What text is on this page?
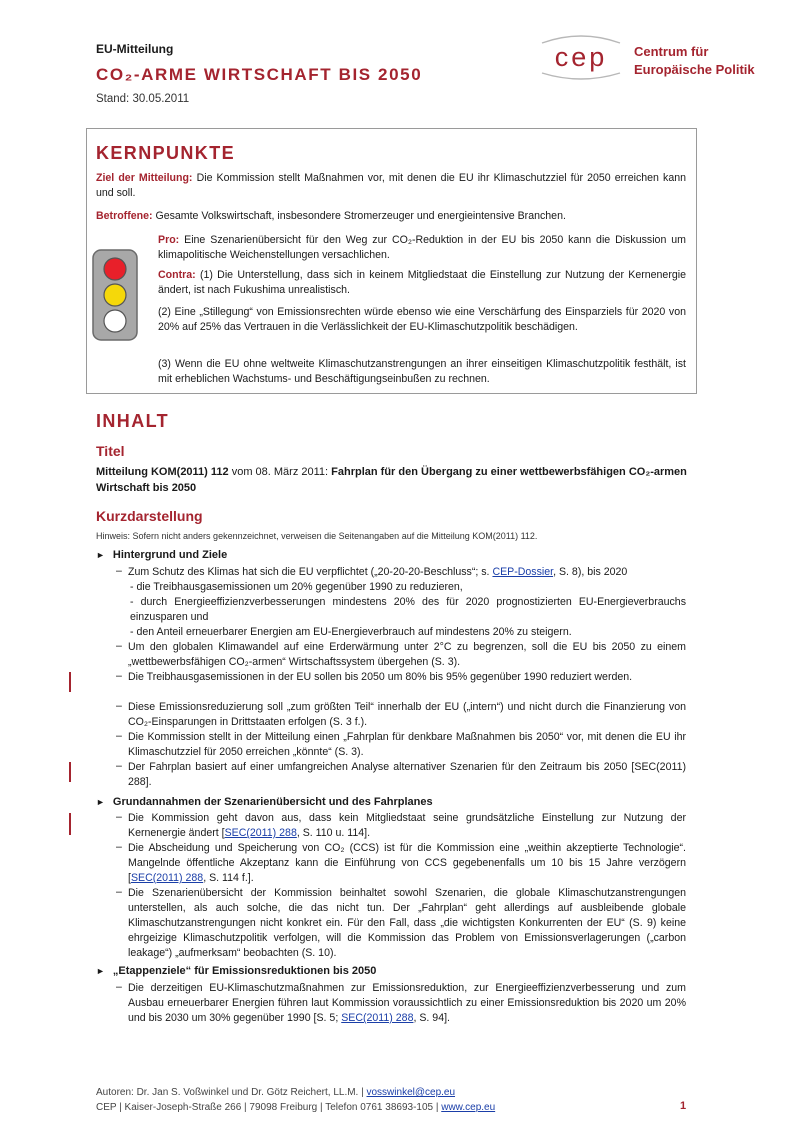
EU-Mitteilung
CO₂-ARME WIRTSCHAFT BIS 2050
Stand: 30.05.2011
cep Centrum für
Europäische Politik
KERNPUNKTE
Ziel der Mitteilung: Die Kommission stellt Maßnahmen vor, mit denen die EU ihr Klimaschutzziel für 2050 erreichen kann und soll.
Betroffene: Gesamte Volkswirtschaft, insbesondere Stromerzeuger und energieintensive Branchen.
Pro: Eine Szenarienübersicht für den Weg zur CO₂-Reduktion in der EU bis 2050 kann die Diskussion um klimapolitische Weichenstellungen versachlichen.
Contra: (1) Die Unterstellung, dass sich in keinem Mitgliedstaat die Einstellung zur Nutzung der Kernenergie ändert, ist nach Fukushima unrealistisch.
(2) Eine „Stillegung“ von Emissionsrechten würde ebenso wie eine Verschärfung des Einsparziels für 2020 von 20% auf 25% das Vertrauen in die Verlässlichkeit der EU-Klimaschutzpolitik beschädigen.
(3) Wenn die EU ohne weltweite Klimaschutzanstrengungen an ihrer einseitigen Klimaschutzpolitik festhält, ist mit erheblichen Wachstums- und Beschäftigungseinbußen zu rechnen.
INHALT
Titel
Mitteilung KOM(2011) 112 vom 08. März 2011: Fahrplan für den Übergang zu einer wettbewerbsfähigen CO₂-armen Wirtschaft bis 2050
Kurzdarstellung
Hinweis: Sofern nicht anders gekennzeichnet, verweisen die Seitenangaben auf die Mitteilung KOM(2011) 112.
► Hintergrund und Ziele
– Zum Schutz des Klimas hat sich die EU verpflichtet („20-20-20-Beschluss“; s. CEP-Dossier, S. 8), bis 2020
- die Treibhausgasemissionen um 20% gegenüber 1990 zu reduzieren,
- durch Energieeffizienzverbesserungen mindestens 20% des für 2020 prognostizierten EU-Energieverbrauchs einzusparen und
- den Anteil erneuerbarer Energien am EU-Energieverbrauch auf mindestens 20% zu steigern.
– Um den globalen Klimawandel auf eine Erderwärmung unter 2°C zu begrenzen, soll die EU bis 2050 zu einem „wettbewerbsfähigen CO₂-armen“ Wirtschaftssystem übergehen (S. 3).
– Die Treibhausgasemissionen in der EU sollen bis 2050 um 80% bis 95% gegenüber 1990 reduziert werden.
– Diese Emissionsreduzierung soll „zum größten Teil“ innerhalb der EU („intern“) und nicht durch die Finanzierung von CO₂-Einsparungen in Drittstaaten erfolgen (S. 3 f.).
– Die Kommission stellt in der Mitteilung einen „Fahrplan für denkbare Maßnahmen bis 2050“ vor, mit denen die EU ihr Klimaschutzziel für 2050 erreichen „könnte“ (S. 3).
– Der Fahrplan basiert auf einer umfangreichen Analyse alternativer Szenarien für den Zeitraum bis 2050 [SEC(2011) 288].
► Grundannahmen der Szenarienübersicht und des Fahrplanes
– Die Kommission geht davon aus, dass kein Mitgliedstaat seine grundsätzliche Einstellung zur Nutzung der Kernenergie ändert [SEC(2011) 288, S. 110 u. 114].
– Die Abscheidung und Speicherung von CO₂ (CCS) ist für die Kommission eine „weithin akzeptierte Technologie“. Mangelnde öffentliche Akzeptanz kann die Einführung von CCS gegebenenfalls um 10 bis 15 Jahre verzögern [SEC(2011) 288, S. 114 f.].
– Die Szenarienübersicht der Kommission beinhaltet sowohl Szenarien, die globale Klimaschutzanstrengungen unterstellen, als auch solche, die das nicht tun. Der „Fahrplan“ geht allerdings auf ausbleibende globale Klimaschutzanstrengungen nicht konkret ein. Für den Fall, dass „die wichtigsten Konkurrenten der EU“ (S. 9) keine ehrgeizige Klimaschutzpolitik verfolgen, will die Kommission das Problem von Emissionsverlagerungen („carbon leakage“) „aufmerksam“ beobachten (S. 10).
► „Etappenziele“ für Emissionsreduktionen bis 2050
– Die derzeitigen EU-Klimaschutzmaßnahmen zur Emissionsreduktion, zur Energieeffizienzverbesserung und zum Ausbau erneuerbarer Energien führen laut Kommission voraussichtlich zu einer Emissionsreduktion bis 2020 um 20% und bis 2030 um 30% gegenüber 1990 [S. 5; SEC(2011) 288, S. 94].
Autoren: Dr. Jan S. Voßwinkel und Dr. Götz Reichert, LL.M. | vosswinkel@cep.eu
CEP | Kaiser-Joseph-Straße 266 | 79098 Freiburg | Telefon 0761 38693-105 | www.cep.eu	1
